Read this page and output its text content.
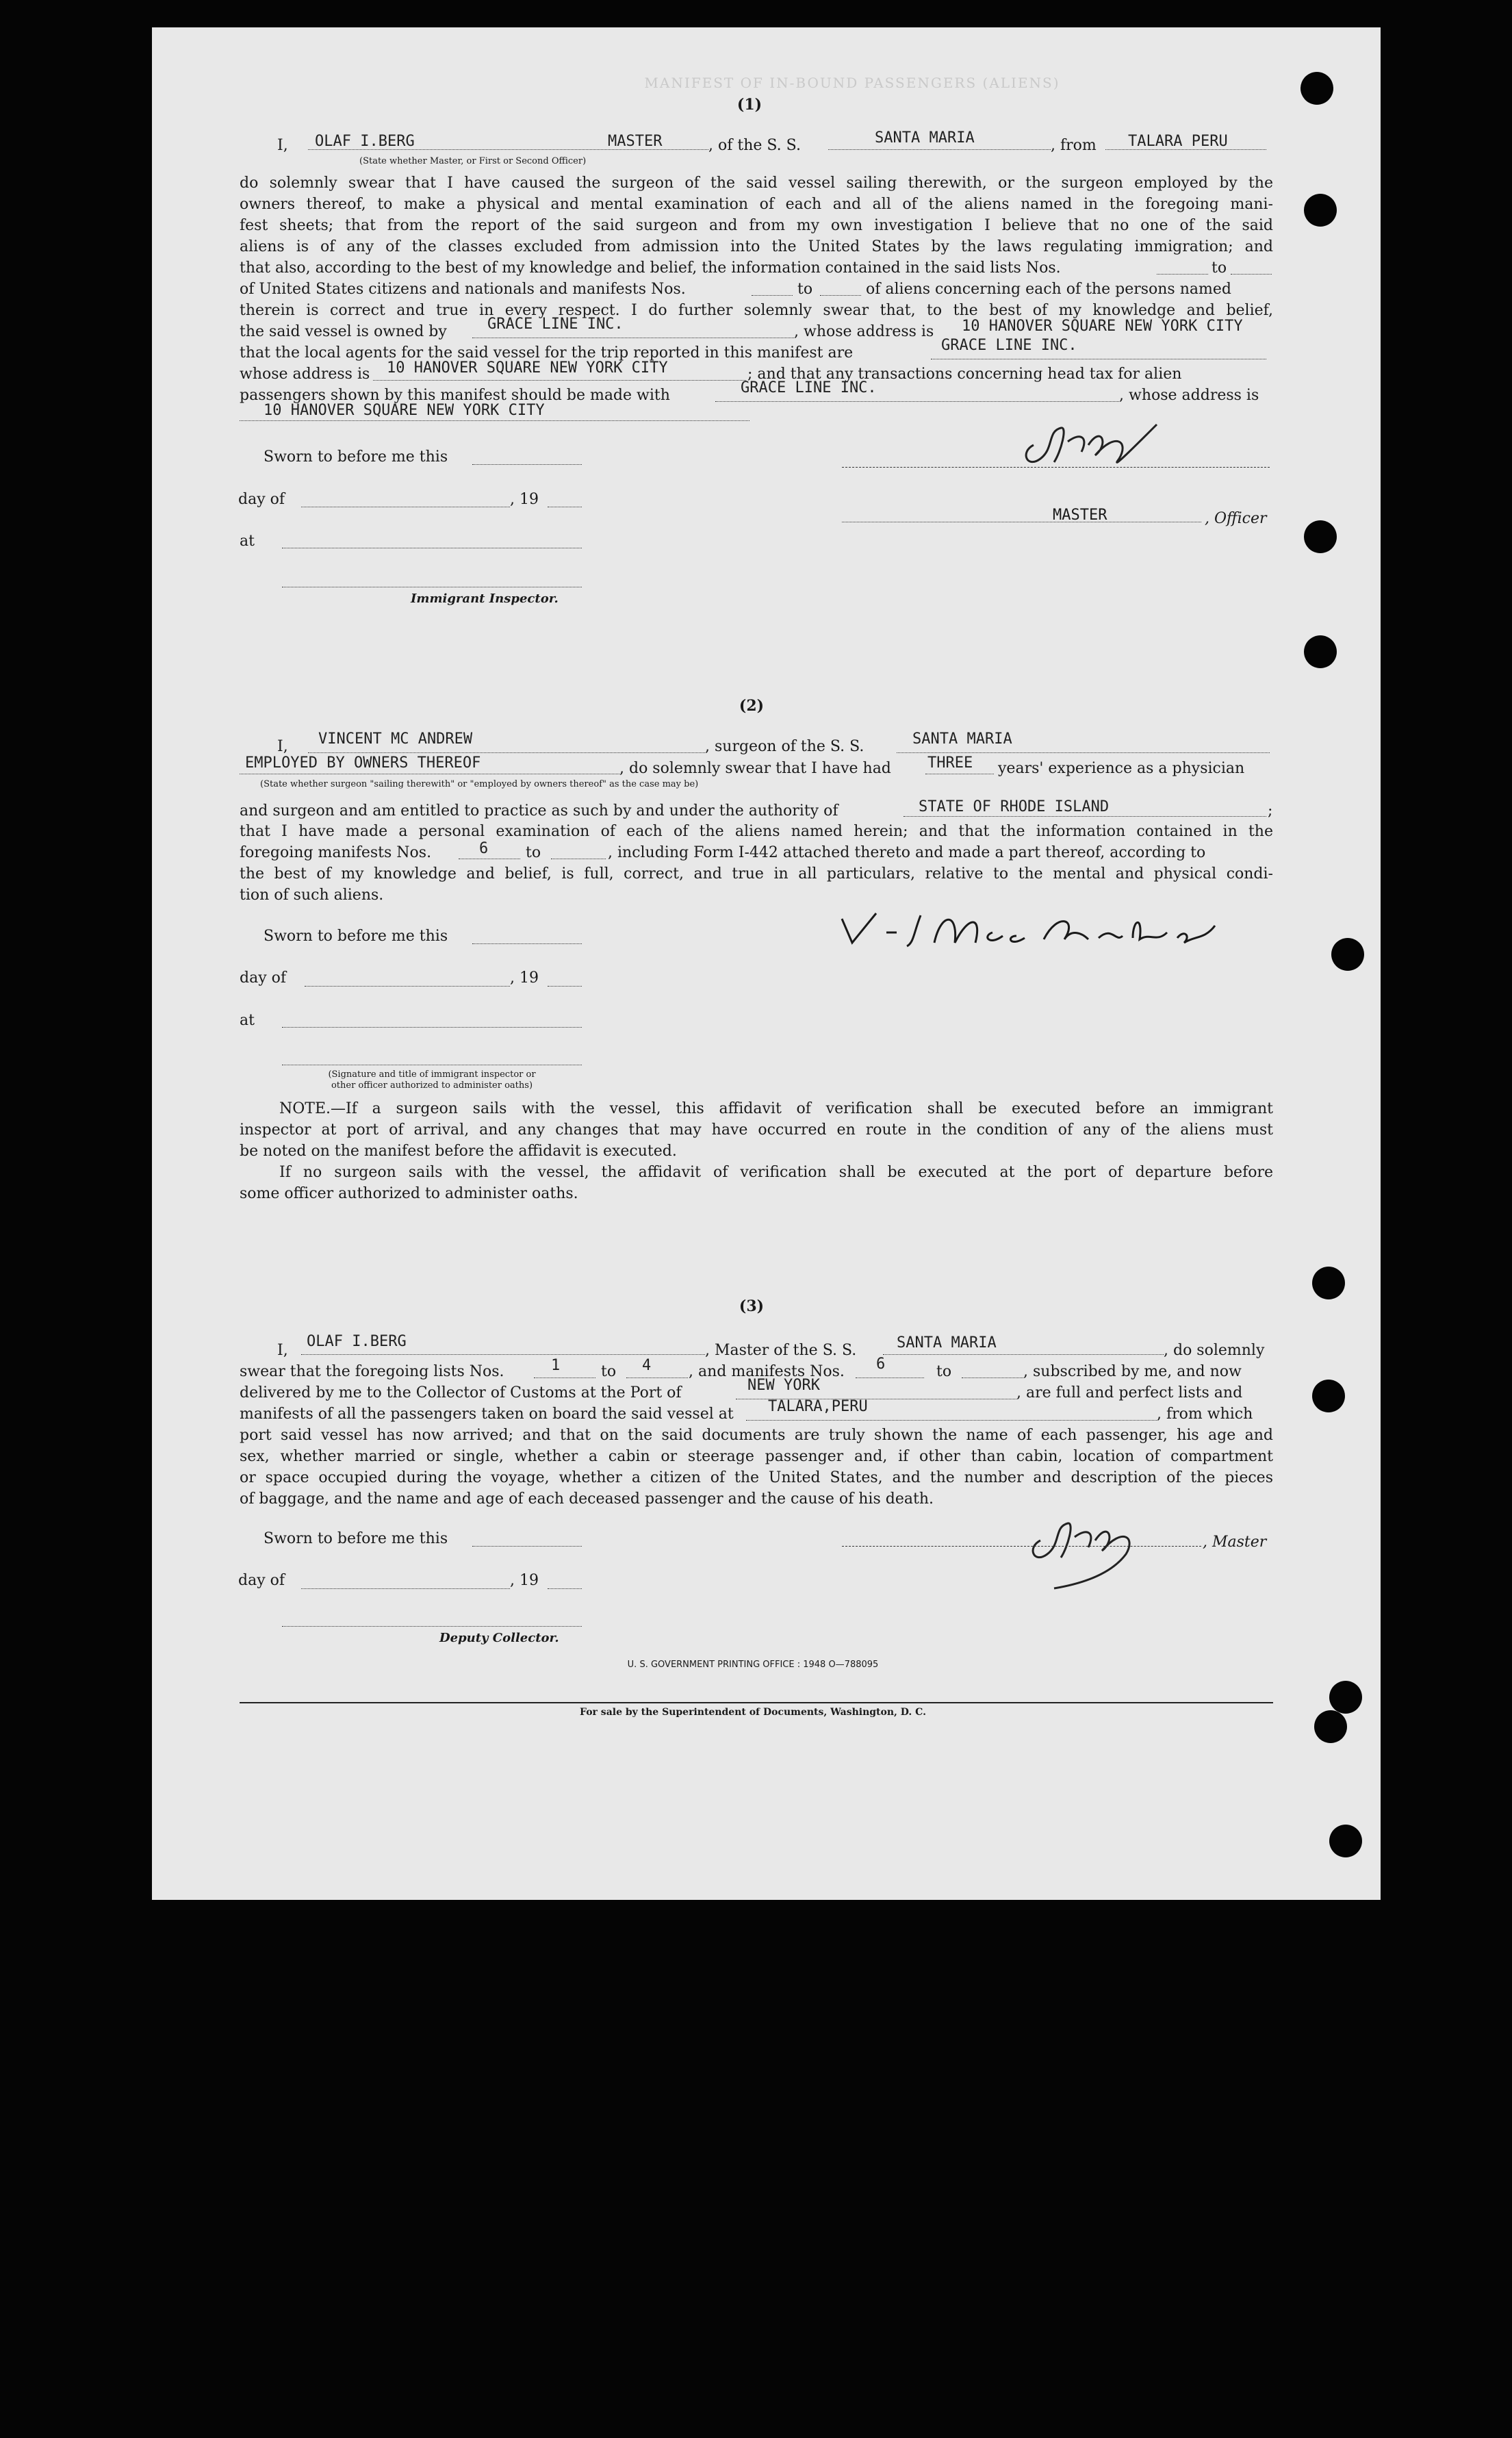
MANIFEST OF IN-BOUND PASSENGERS (ALIENS)
(1)
I, OLAF I.BERG	MASTER	, of the S. S.	SANTA MARIA	, from TALARA PERU
(State whether Master, or First or Second Officer)
do solemnly swear that I have caused the surgeon of the said vessel sailing therewith, or the surgeon employed by the
owners thereof, to make a physical and mental examination of each and all of the aliens named in the foregoing mani-
fest sheets; that from the report of the said surgeon and from my own investigation I believe that no one of the said
aliens is of any of the classes excluded from admission into the United States by the laws regulating immigration; and
that also, according to the best of my knowledge and belief, the information contained in the said lists Nos.	to
of United States citizens and nationals and manifests Nos.	to	of aliens concerning each of the persons named
therein is correct and true in every respect. I do further solemnly swear that, to the best of my knowledge and belief,
the said vessel is owned by	GRACE LINE INC.	, whose address is 10 HANOVER SQUARE NEW YORK CITY
that the local agents for the said vessel for the trip reported in this manifest are	GRACE LINE INC.
whose address is 10 HANOVER SQUARE NEW YORK CITY	; and that any transactions concerning head tax for alien
passengers shown by this manifest should be made with	GRACE LINE INC.	, whose address is
10 HANOVER SQUARE NEW YORK CITY
Sworn to before me this
day of	, 19
at
Immigrant Inspector.
MASTER	, Officer
(2)
I, VINCENT MC ANDREW	, surgeon of the S. S.	SANTA MARIA
EMPLOYED BY OWNERS THEREOF	, do solemnly swear that I have had THREE years' experience as a physician
(State whether surgeon "sailing therewith" or "employed by owners thereof" as the case may be)
and surgeon and am entitled to practice as such by and under the authority of	STATE OF RHODE ISLAND	;
that I have made a personal examination of each of the aliens named herein; and that the information contained in the
foregoing manifests Nos.	6 to	, including Form I-442 attached thereto and made a part thereof, according to
the best of my knowledge and belief, is full, correct, and true in all particulars, relative to the mental and physical condi-
tion of such aliens.
Sworn to before me this
day of	, 19
at
(Signature and title of immigrant inspector or
other officer authorized to administer oaths)
NOTE.—If a surgeon sails with the vessel, this affidavit of verification shall be executed before an immigrant
inspector at port of arrival, and any changes that may have occurred en route in the condition of any of the aliens must
be noted on the manifest before the affidavit is executed.
If no surgeon sails with the vessel, the affidavit of verification shall be executed at the port of departure before
some officer authorized to administer oaths.
(3)
I,
OLAF I.BERG
, Master of the S. S.	SANTA MARIA	, do solemnly
swear that the foregoing lists Nos.	1	to 4 , and manifests Nos. 6	to	, subscribed by me, and now
delivered by me to the Collector of Customs at the Port of	NEW YORK	, are full and perfect lists and
manifests of all the passengers taken on board the said vessel at TALARA,PERU	, from which
port said vessel has now arrived; and that on the said documents are truly shown the name of each passenger, his age and
sex, whether married or single, whether a cabin or steerage passenger and, if other than cabin, location of compartment
or space occupied during the voyage, whether a citizen of the United States, and the number and description of the pieces
of baggage, and the name and age of each deceased passenger and the cause of his death.
Sworn to before me this	, Master
day of	, 19
Deputy Collector.
U. S. GOVERNMENT PRINTING OFFICE : 1948 O—788095
For sale by the Superintendent of Documents, Washington, D. C.
